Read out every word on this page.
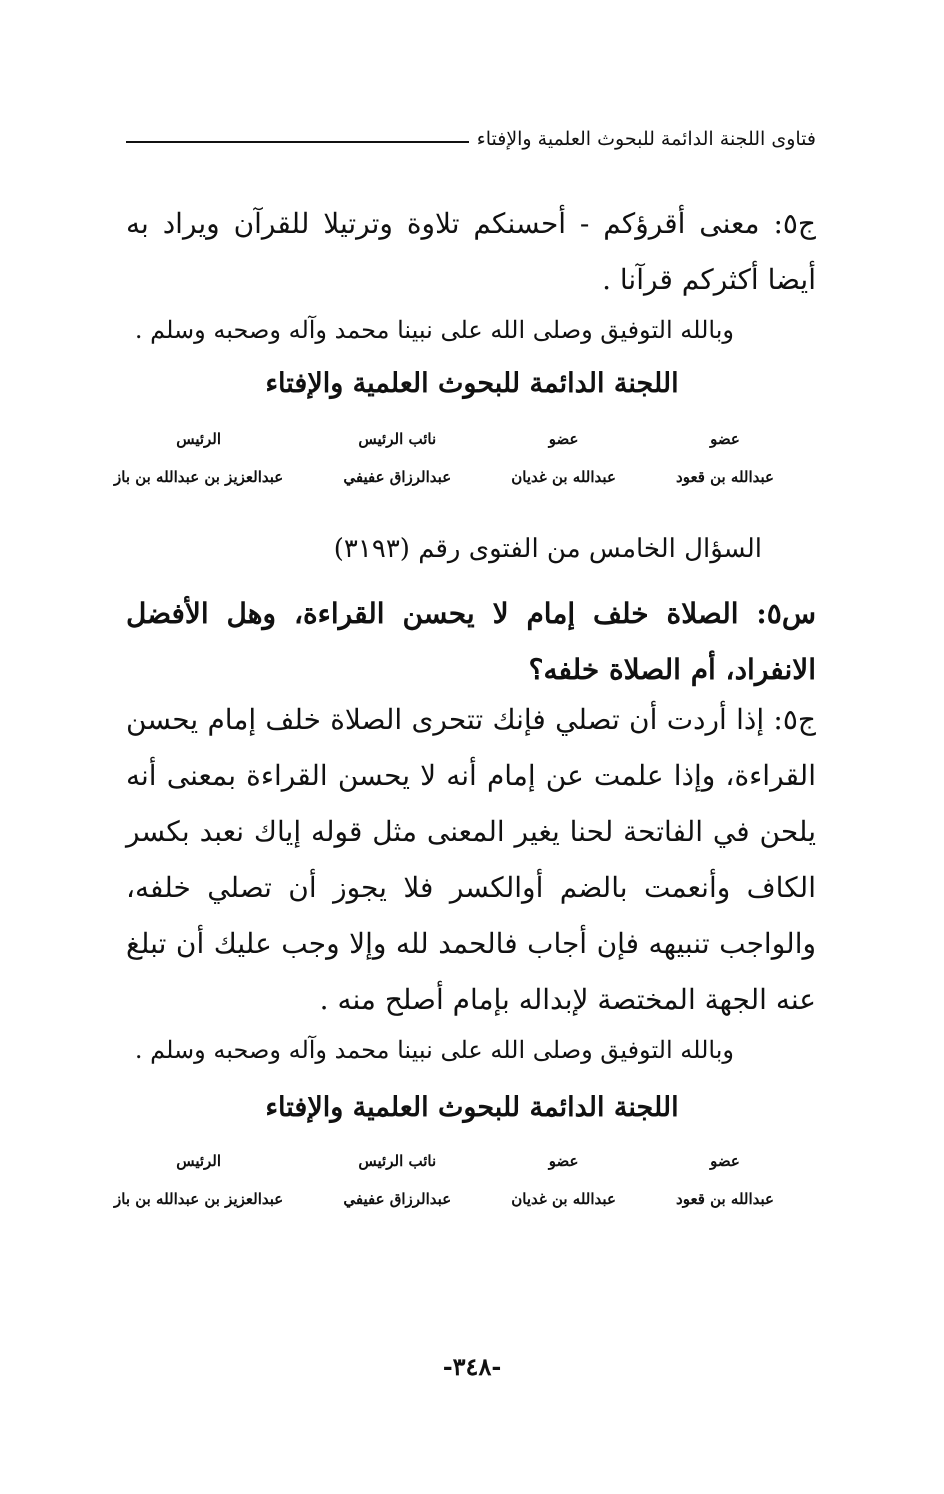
فتاوى اللجنة الدائمة للبحوث العلمية والإفتاء
ج٥: معنى أقرؤكم - أحسنكم تلاوة وترتيلا للقرآن ويراد به أيضا أكثركم قرآنا .
وبالله التوفيق وصلى الله على نبينا محمد وآله وصحبه وسلم .
اللجنة الدائمة للبحوث العلمية والإفتاء
عضو
عبدالله بن قعود
عضو
عبدالله بن غديان
نائب الرئيس
عبدالرزاق عفيفي
الرئيس
عبدالعزيز بن عبدالله بن باز
السؤال الخامس من الفتوى رقم (٣١٩٣)
س٥: الصلاة خلف إمام لا يحسن القراءة، وهل الأفضل الانفراد، أم الصلاة خلفه؟
ج٥: إذا أردت أن تصلي فإنك تتحرى الصلاة خلف إمام يحسن القراءة، وإذا علمت عن إمام أنه لا يحسن القراءة بمعنى أنه يلحن في الفاتحة لحنا يغير المعنى مثل قوله إياك نعبد بكسر الكاف وأنعمت بالضم أوالكسر فلا يجوز أن تصلي خلفه، والواجب تنبيهه فإن أجاب فالحمد لله وإلا وجب عليك أن تبلغ عنه الجهة المختصة لإبداله بإمام أصلح منه .
وبالله التوفيق وصلى الله على نبينا محمد وآله وصحبه وسلم .
اللجنة الدائمة للبحوث العلمية والإفتاء
عضو
عبدالله بن قعود
عضو
عبدالله بن غديان
نائب الرئيس
عبدالرزاق عفيفي
الرئيس
عبدالعزيز بن عبدالله بن باز
-٣٤٨-
